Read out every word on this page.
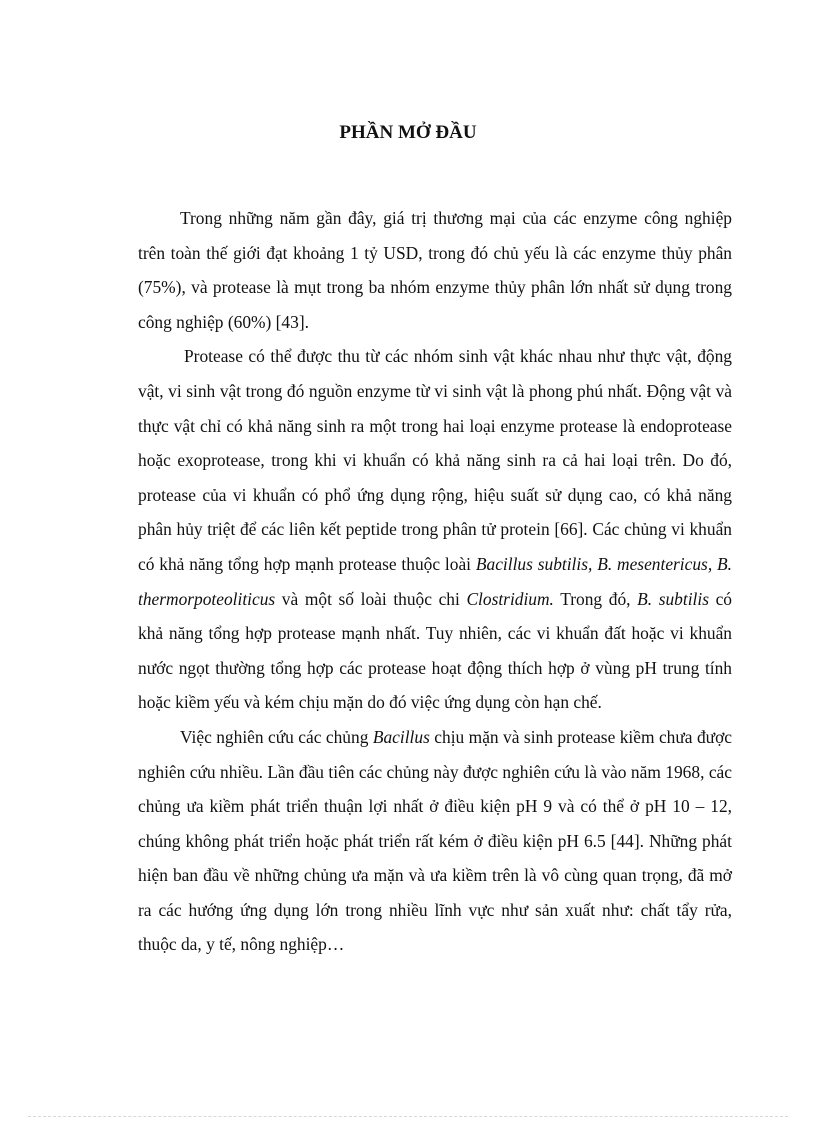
PHẦN MỞ ĐẦU

Trong những năm gần đây, giá trị thương mại của các enzyme công nghiệp trên toàn thế giới đạt khoảng 1 tỷ USD, trong đó chủ yếu là các enzyme thủy phân (75%), và protease là mụt trong ba nhóm enzyme thủy phân lớn nhất sử dụng trong công nghiệp (60%) [43].

Protease có thể được thu từ các nhóm sinh vật khác nhau như thực vật, động vật, vi sinh vật trong đó nguồn enzyme từ vi sinh vật là phong phú nhất. Động vật và thực vật chỉ có khả năng sinh ra một trong hai loại enzyme protease là endoprotease hoặc exoprotease, trong khi vi khuẩn có khả năng sinh ra cả hai loại trên. Do đó, protease của vi khuẩn có phổ ứng dụng rộng, hiệu suất sử dụng cao, có khả năng phân hủy triệt để các liên kết peptide trong phân tử protein [66]. Các chủng vi khuẩn có khả năng tổng hợp mạnh protease thuộc loài Bacillus subtilis, B. mesentericus, B. thermorpoteoliticus và một số loài thuộc chi Clostridium. Trong đó, B. subtilis có khả năng tổng hợp protease mạnh nhất. Tuy nhiên, các vi khuẩn đất hoặc vi khuẩn nước ngọt thường tổng hợp các protease hoạt động thích hợp ở vùng pH trung tính hoặc kiềm yếu và kém chịu mặn do đó việc ứng dụng còn hạn chế.

Việc nghiên cứu các chủng Bacillus chịu mặn và sinh protease kiềm chưa được nghiên cứu nhiều. Lần đầu tiên các chủng này được nghiên cứu là vào năm 1968, các chủng ưa kiềm phát triển thuận lợi nhất ở điều kiện pH 9 và có thể ở pH 10 – 12, chúng không phát triển hoặc phát triển rất kém ở điều kiện pH 6.5 [44]. Những phát hiện ban đầu về những chủng ưa mặn và ưa kiềm trên là vô cùng quan trọng, đã mở ra các hướng ứng dụng lớn trong nhiều lĩnh vực như sản xuất như: chất tẩy rửa, thuộc da, y tế, nông nghiệp…
